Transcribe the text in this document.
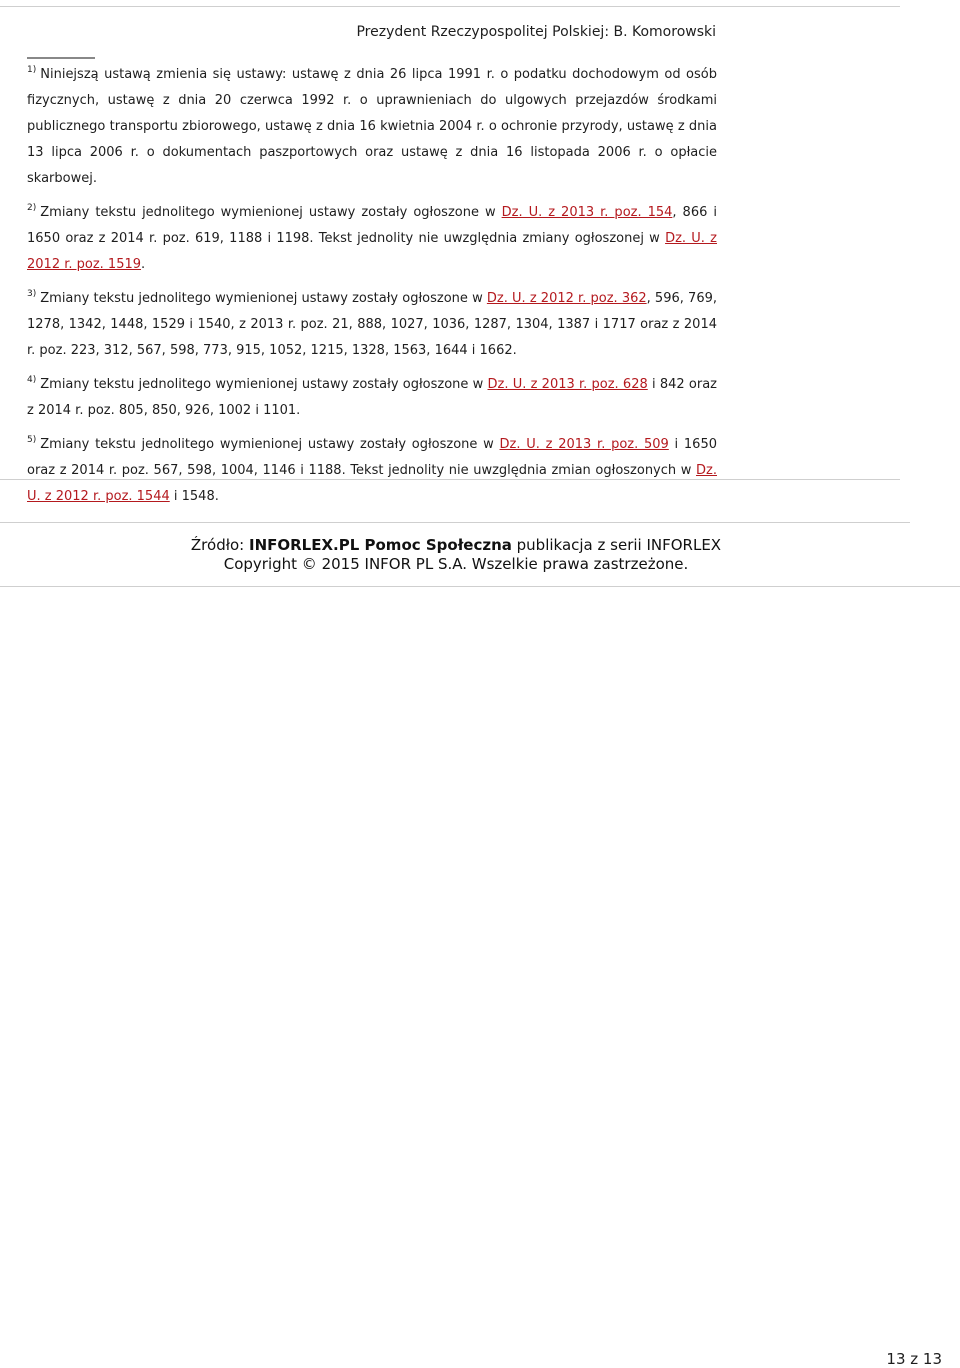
Prezydent Rzeczypospolitej Polskiej: B. Komorowski

$^{1)}$ Niniejszą ustawą zmienia się ustawy: ustawę z dnia 26 lipca 1991 r. o podatku dochodowym od osób fizycznych, ustawę z dnia 20 czerwca 1992 r. o uprawnieniach do ulgowych przejazdów środkami publicznego transportu zbiorowego, ustawę z dnia 16 kwietnia 2004 r. o ochronie przyrody, ustawę z dnia 13 lipca 2006 r. o dokumentach paszportowych oraz ustawę z dnia 16 listopada 2006 r. o opłacie skarbowej.

$^{2)}$ Zmiany tekstu jednolitego wymienionej ustawy zostały ogłoszone w Dz. U. z 2013 r. poz. 154, 866 i 1650 oraz z 2014 r. poz. 619, 1188 i 1198. Tekst jednolity nie uwzględnia zmiany ogłoszonej w Dz. U. z 2012 r. poz. 1519.

$^{3)}$ Zmiany tekstu jednolitego wymienionej ustawy zostały ogłoszone w Dz. U. z 2012 r. poz. 362, 596, 769, 1278, 1342, 1448, 1529 i 1540, z 2013 r. poz. 21, 888, 1027, 1036, 1287, 1304, 1387 i 1717 oraz z 2014 r. poz. 223, 312, 567, 598, 773, 915, 1052, 1215, 1328, 1563, 1644 i 1662.

$^{4)}$ Zmiany tekstu jednolitego wymienionej ustawy zostały ogłoszone w Dz. U. z 2013 r. poz. 628 i 842 oraz z 2014 r. poz. 805, 850, 926, 1002 i 1101.

$^{5)}$ Zmiany tekstu jednolitego wymienionej ustawy zostały ogłoszone w Dz. U. z 2013 r. poz. 509 i 1650 oraz z 2014 r. poz. 567, 598, 1004, 1146 i 1188. Tekst jednolity nie uwzględnia zmian ogłoszonych w Dz. U. z 2012 r. poz. 1544 i 1548.

Źródło: INFORLEX.PL Pomoc Społeczna publikacja z serii INFORLEX
Copyright © 2015 INFOR PL S.A. Wszelkie prawa zastrzeżone.
13 z 13
